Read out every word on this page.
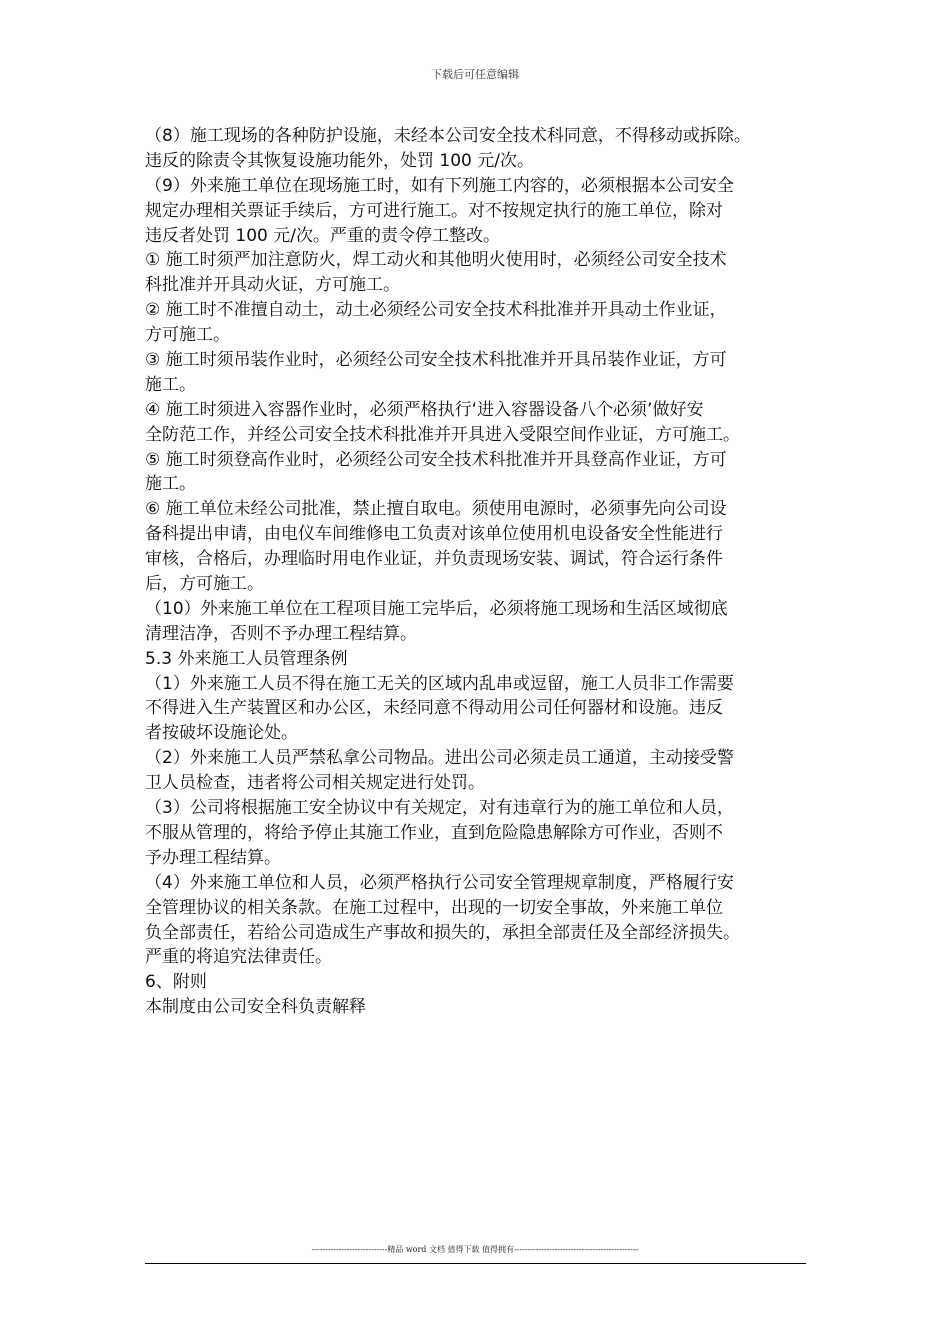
下载后可任意编辑
（8）施工现场的各种防护设施，未经本公司安全技术科同意，不得移动或拆除。
违反的除责令其恢复设施功能外，处罚 100 元/次。
（9）外来施工单位在现场施工时，如有下列施工内容的，必须根据本公司安全
规定办理相关票证手续后，方可进行施工。对不按规定执行的施工单位，除对
违反者处罚 100 元/次。严重的责令停工整改。
① 施工时须严加注意防火，焊工动火和其他明火使用时，必须经公司安全技术
科批准并开具动火证，方可施工。
② 施工时不准擅自动土，动土必须经公司安全技术科批准并开具动土作业证，
方可施工。
③ 施工时须吊装作业时，必须经公司安全技术科批准并开具吊装作业证，方可
施工。
④ 施工时须进入容器作业时，必须严格执行‘进入容器设备八个必须’做好安
全防范工作，并经公司安全技术科批准并开具进入受限空间作业证，方可施工。
⑤ 施工时须登高作业时，必须经公司安全技术科批准并开具登高作业证，方可
施工。
⑥ 施工单位未经公司批准，禁止擅自取电。须使用电源时，必须事先向公司设
备科提出申请，由电仪车间维修电工负责对该单位使用机电设备安全性能进行
审核，合格后，办理临时用电作业证，并负责现场安装、调试，符合运行条件
后，方可施工。
（10）外来施工单位在工程项目施工完毕后，必须将施工现场和生活区域彻底
清理洁净，否则不予办理工程结算。
5.3 外来施工人员管理条例
（1）外来施工人员不得在施工无关的区域内乱串或逗留，施工人员非工作需要
不得进入生产装置区和办公区，未经同意不得动用公司任何器材和设施。违反
者按破坏设施论处。
（2）外来施工人员严禁私拿公司物品。进出公司必须走员工通道，主动接受警
卫人员检查，违者将公司相关规定进行处罚。
（3）公司将根据施工安全协议中有关规定，对有违章行为的施工单位和人员，
不服从管理的，将给予停止其施工作业，直到危险隐患解除方可作业，否则不
予办理工程结算。
（4）外来施工单位和人员，必须严格执行公司安全管理规章制度，严格履行安
全管理协议的相关条款。在施工过程中，出现的一切安全事故，外来施工单位
负全部责任，若给公司造成生产事故和损失的，承担全部责任及全部经济损失。
严重的将追究法律责任。
6、附则
本制度由公司安全科负责解释
----------------------------精品 word 文档 值得下载 值得拥有----------------------------------------------
